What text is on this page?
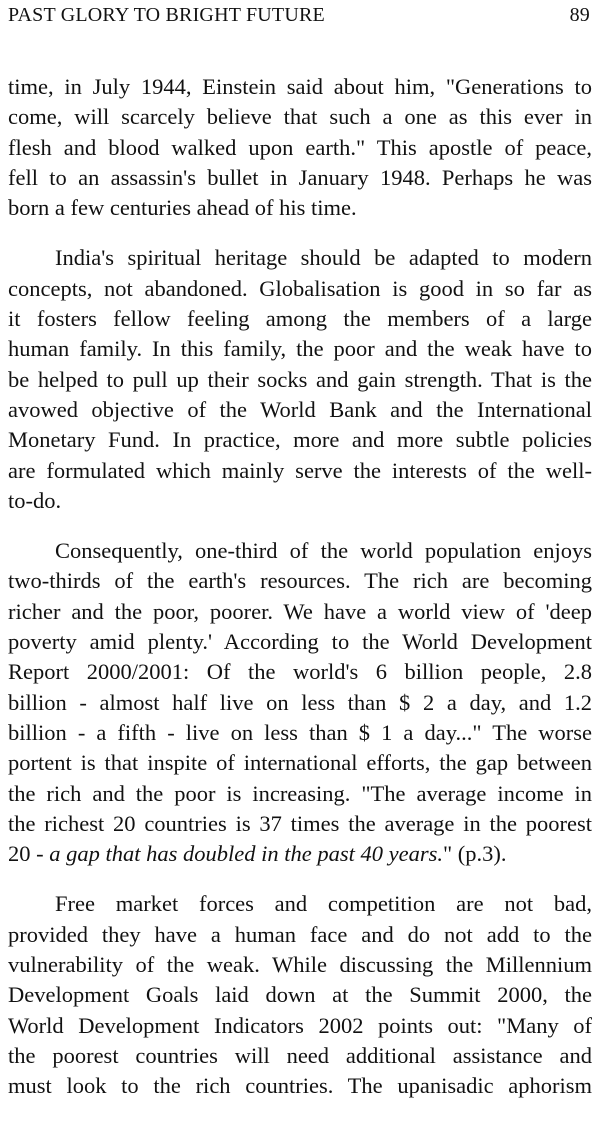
PAST GLORY TO BRIGHT FUTURE	89

time, in July 1944, Einstein said about him, "Generations to
come, will scarcely believe that such a one as this ever in
flesh and blood walked upon earth." This apostle of peace,
fell to an assassin's bullet in January 1948. Perhaps he was
born a few centuries ahead of his time.

India's spiritual heritage should be adapted to modern
concepts, not abandoned. Globalisation is good in so far as
it fosters fellow feeling among the members of a large
human family. In this family, the poor and the weak have to
be helped to pull up their socks and gain strength. That is the
avowed objective of the World Bank and the International
Monetary Fund. In practice, more and more subtle policies
are formulated which mainly serve the interests of the well-
to-do.

Consequently, one-third of the world population enjoys
two-thirds of the earth's resources. The rich are becoming
richer and the poor, poorer. We have a world view of 'deep
poverty amid plenty.' According to the World Development
Report 2000/2001: Of the world's 6 billion people, 2.8
billion - almost half live on less than $ 2 a day, and 1.2
billion - a fifth - live on less than $ 1 a day..." The worse
portent is that inspite of international efforts, the gap between
the rich and the poor is increasing. "The average income in
the richest 20 countries is 37 times the average in the poorest
20 - a gap that has doubled in the past 40 years." (p.3).

Free market forces and competition are not bad,
provided they have a human face and do not add to the
vulnerability of the weak. While discussing the Millennium
Development Goals laid down at the Summit 2000, the
World Development Indicators 2002 points out: "Many of
the poorest countries will need additional assistance and
must look to the rich countries. The upanisadic aphorism
